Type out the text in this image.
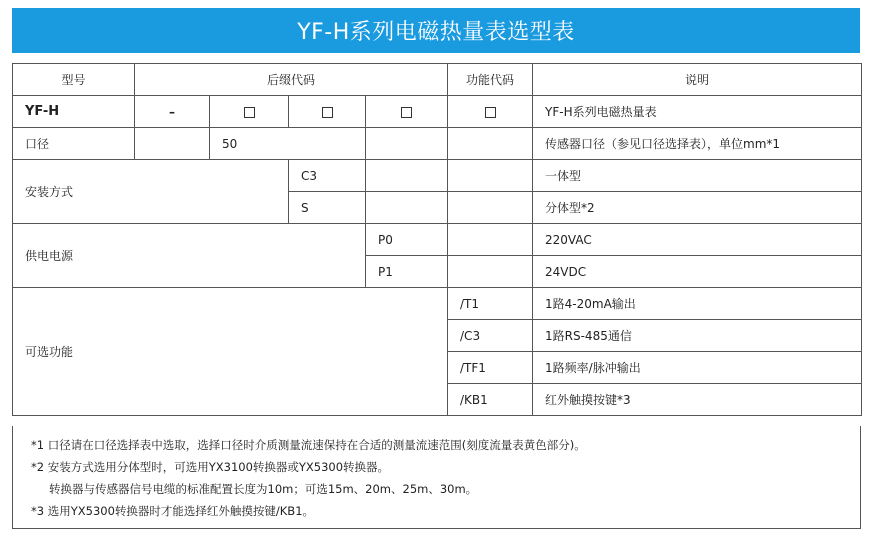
YF-H系列电磁热量表选型表
型号	后缀代码				功能代码	说明
YF-H	–					YF-H系列电磁热量表
口径		50				传感器口径（参见口径选择表），单位mm*1
安装方式			C3			一体型
			S			分体型*2
供电电源				P0		220VAC
				P1		24VDC
可选功能					/T1	1路4-20mA输出
					/C3	1路RS-485通信
					/TF1	1路频率/脉冲输出
					/KB1	红外触摸按键*3
*1 口径请在口径选择表中选取，选择口径时介质测量流速保持在合适的测量流速范围(刻度流量表黄色部分)。
*2 安装方式选用分体型时，可选用YX3100转换器或YX5300转换器。
转换器与传感器信号电缆的标准配置长度为10m；可选15m、20m、25m、30m。
*3 选用YX5300转换器时才能选择红外触摸按键/KB1。
